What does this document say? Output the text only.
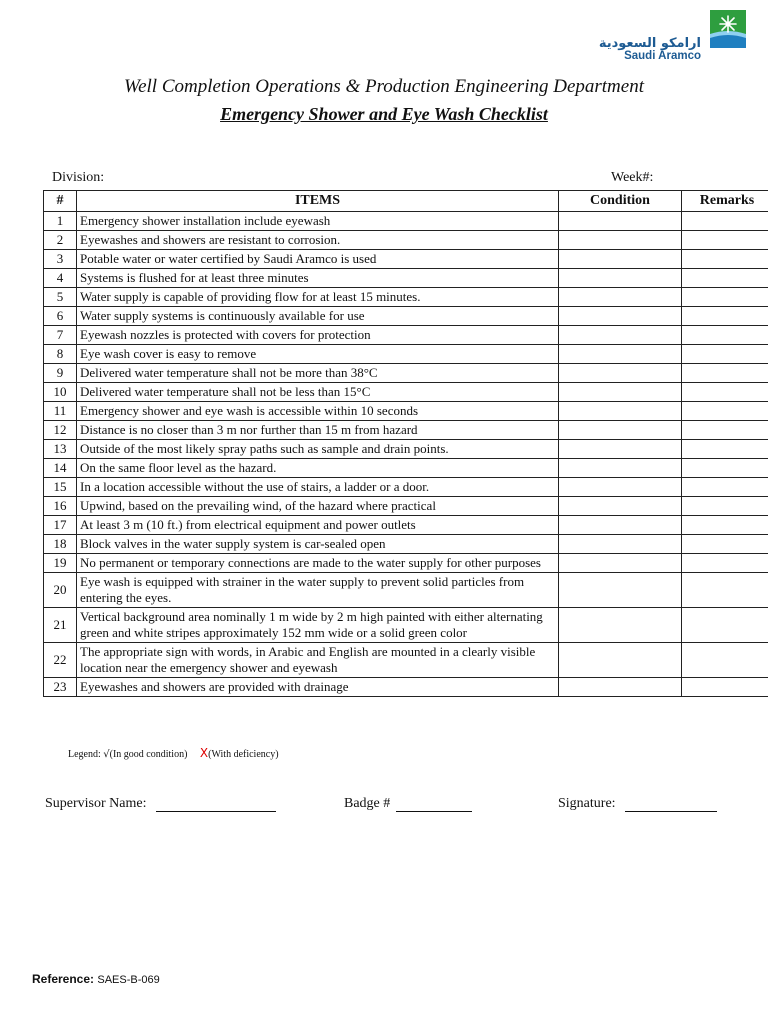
ارامكو السعودية
Saudi Aramco
Well Completion Operations & Production Engineering Department
Emergency Shower and Eye Wash Checklist
Division:	Week#:
#	ITEMS	Condition	Remarks
1	Emergency shower installation include eyewash		
2	Eyewashes and showers are resistant to corrosion.		
3	Potable water or water certified by Saudi Aramco is used		
4	Systems is flushed for at least three minutes		
5	Water supply is capable of providing flow for at least 15 minutes.		
6	Water supply systems is continuously available for use		
7	Eyewash nozzles is protected with covers for protection		
8	Eye wash cover is easy to remove		
9	Delivered water temperature shall not be more than 38°C		
10	Delivered water temperature shall not be less than 15°C		
11	Emergency shower and eye wash is accessible within 10 seconds		
12	Distance is no closer than 3 m nor further than 15 m from hazard		
13	Outside of the most likely spray paths such as sample and drain points.		
14	On the same floor level as the hazard.		
15	In a location accessible without the use of stairs, a ladder or a door.		
16	Upwind, based on the prevailing wind, of the hazard where practical		
17	At least 3 m (10 ft.) from electrical equipment and power outlets		
18	Block valves in the water supply system is car-sealed open		
19	No permanent or temporary connections are made to the water supply for other purposes		
20	Eye wash is equipped with strainer in the water supply to prevent solid particles from entering the eyes.		
21	Vertical background area nominally 1 m wide by 2 m high painted with either alternating green and white stripes approximately 152 mm wide or a solid green color		
22	The appropriate sign with words, in Arabic and English are mounted in a clearly visible location near the emergency shower and eyewash		
23	Eyewashes and showers are provided with drainage		
Legend: √(In good condition) X(With deficiency)
Supervisor Name:	Badge #	Signature:
Reference: SAES-B-069
